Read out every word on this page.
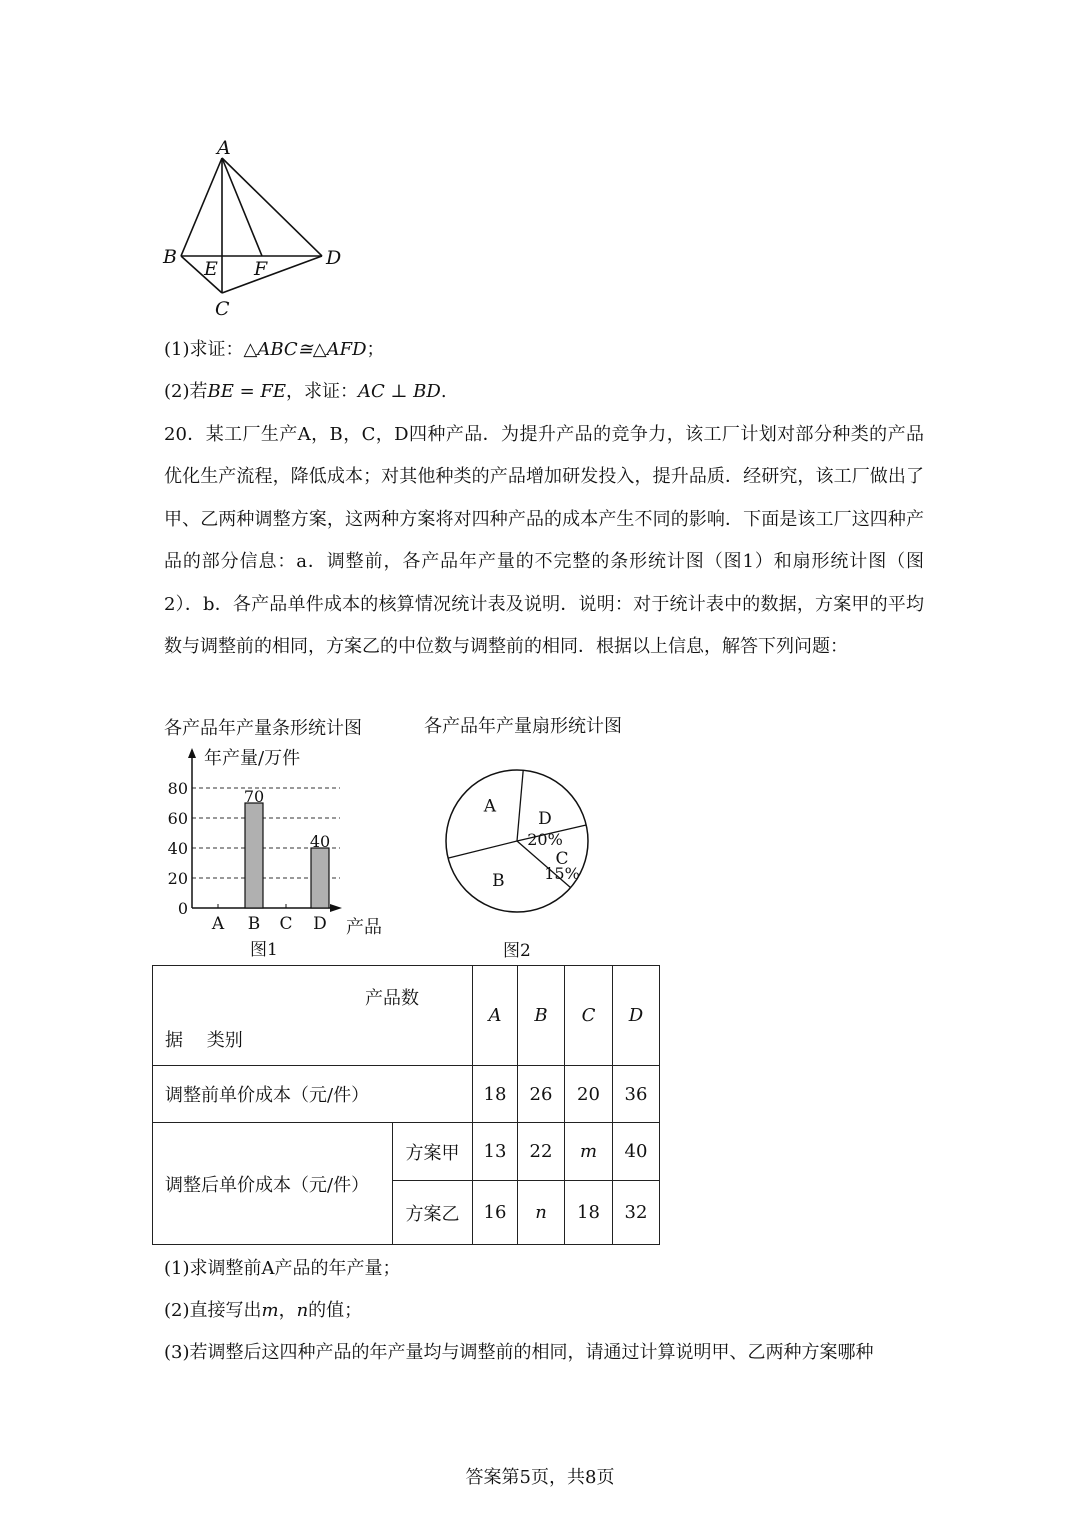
A
B
E F	D
C
(1)求证：△ABC≅△AFD；
(2)若BE = FE，求证：AC ⊥ BD.
20．某工厂生产A，B，C，D四种产品．为提升产品的竞争力，该工厂计划对部分种类的产品优化生产流程，降低成本；对其他种类的产品增加研发投入，提升品质．经研究，该工厂做出了甲、乙两种调整方案，这两种方案将对四种产品的成本产生不同的影响．下面是该工厂这四种产品的部分信息：a．调整前，各产品年产量的不完整的条形统计图（图1）和扇形统计图（图2）．b．各产品单件成本的核算情况统计表及说明．说明：对于统计表中的数据，方案甲的平均数与调整前的相同，方案乙的中位数与调整前的相同．根据以上信息，解答下列问题：
各产品年产量条形统计图	各产品年产量扇形统计图
年产量/万件
产品
图1
0
20
40
60
80
A B
70
C D
40
图2
A
D
20%
C
15%
B
产品数
据　 类别		A	B	C	D
调整前单价成本（元/件）		18	26	20	36
调整后单价成本（元/件）	方案甲	13	22	m	40
	方案乙	16	n	18	32
(1)求调整前A产品的年产量；
(2)直接写出m，n的值；
(3)若调整后这四种产品的年产量均与调整前的相同，请通过计算说明甲、乙两种方案哪种
答案第5页，共8页
